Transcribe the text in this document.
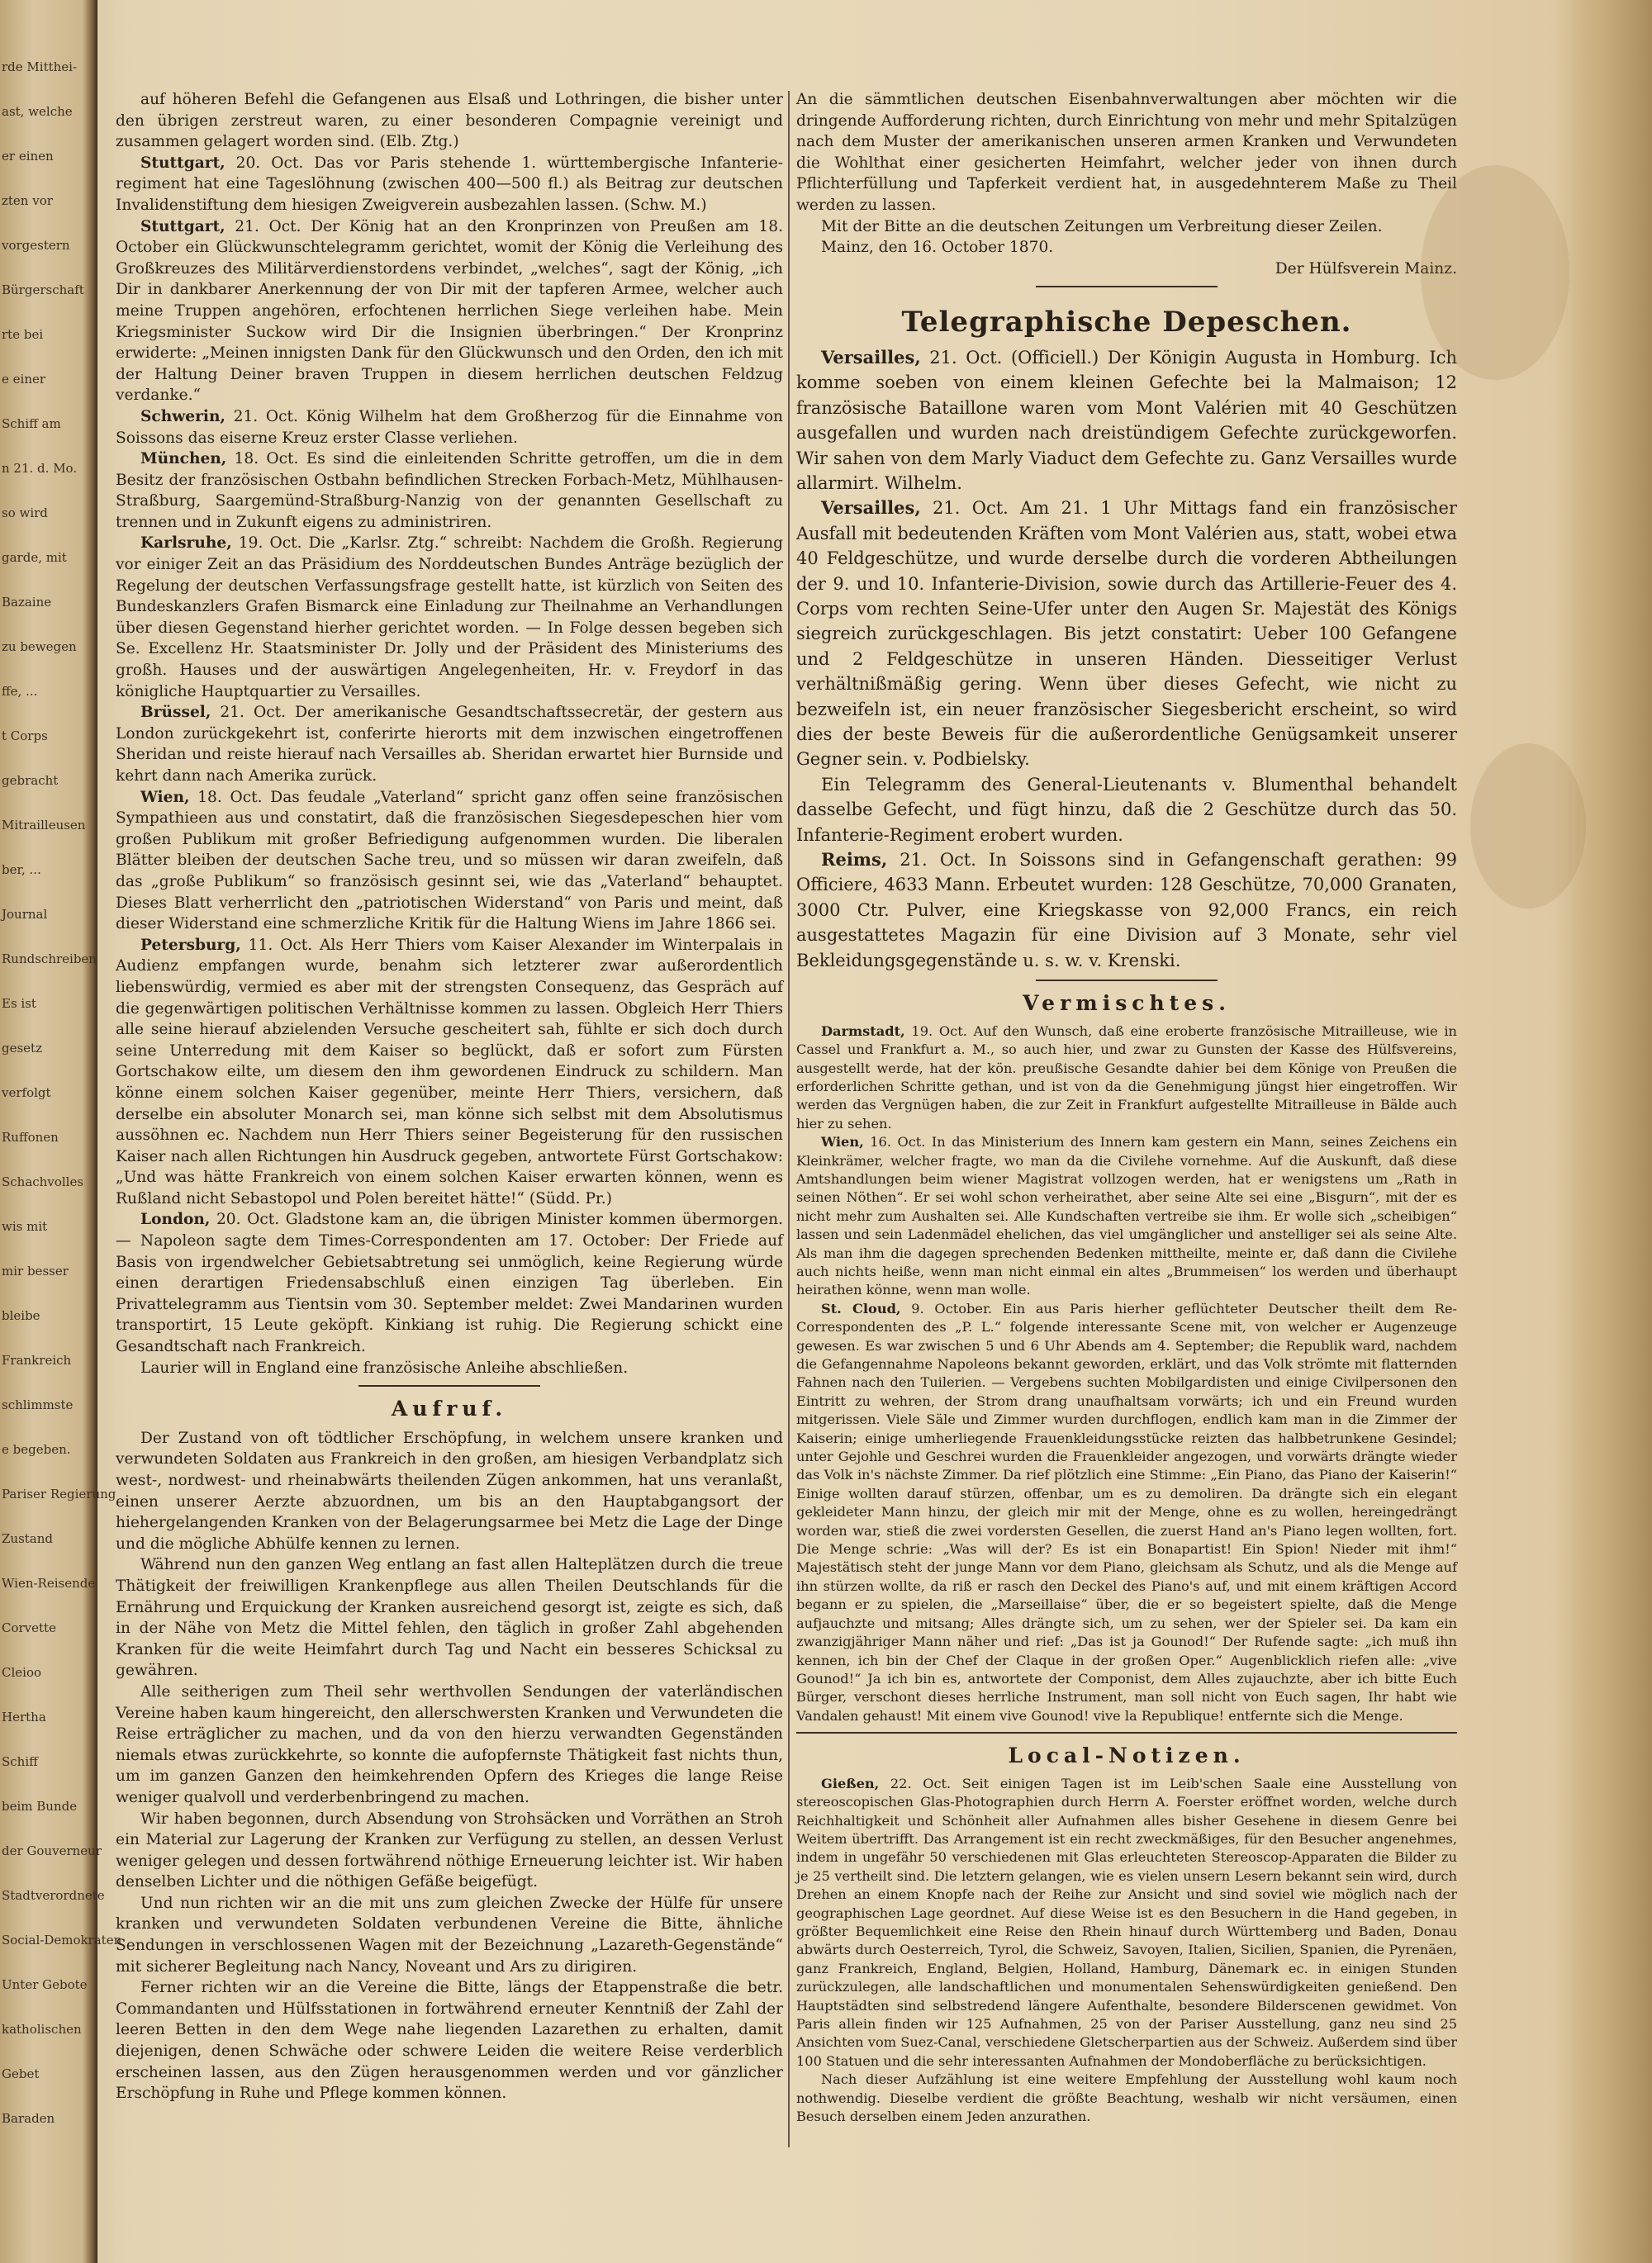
rde Mitthei-
ast, welche
er einen
zten vor
vorgestern
Bürgerschaft
rte bei
e einer
Schiff am
n 21. d. Mo.
so wird
garde, mit
Bazaine
zu bewegen
ffe, ...
t Corps
gebracht
Mitrailleusen
ber, ...
Journal
Rundschreiben
Es ist
gesetz
verfolgt
Ruffonen
Schachvolles
wis mit
mir besser
bleibe
Frankreich
schlimmste
e begeben.
Pariser Regierung
Zustand
Wien-Reisende
Corvette
Cleioo
Hertha
Schiff
beim Bunde
der Gouverneur
Stadtverordnete
Social-Demokraten
Unter Gebote
katholischen
Gebet
Baraden

auf höheren Befehl die Gefangenen aus Elsaß und Lothringen, die bisher unter den übrigen zerstreut waren, zu einer besonderen Compagnie vereinigt und zusammen gelagert worden sind. (Elb. Ztg.)

Stuttgart, 20. Oct. Das vor Paris stehende 1. württembergische Infanterie-regiment hat eine Tageslöhnung (zwischen 400—500 fl.) als Beitrag zur deutschen Invalidenstiftung dem hiesigen Zweigverein ausbezahlen lassen. (Schw. M.)

Stuttgart, 21. Oct. Der König hat an den Kronprinzen von Preußen am 18. October ein Glückwunschtelegramm gerichtet, womit der König die Verleihung des Großkreuzes des Militärverdienstordens verbindet, „welches“, sagt der König, „ich Dir in dankbarer Anerkennung der von Dir mit der tapferen Armee, welcher auch meine Truppen angehören, erfochtenen herrlichen Siege verleihen habe. Mein Kriegsminister Suckow wird Dir die Insignien überbringen.“ Der Kronprinz erwiderte: „Meinen innigsten Dank für den Glückwunsch und den Orden, den ich mit der Haltung Deiner braven Truppen in diesem herrlichen deutschen Feldzug verdanke.“

Schwerin, 21. Oct. König Wilhelm hat dem Großherzog für die Einnahme von Soissons das eiserne Kreuz erster Classe verliehen.

München, 18. Oct. Es sind die einleitenden Schritte getroffen, um die in dem Besitz der französischen Ostbahn befindlichen Strecken Forbach-Metz, Mühlhausen-Straßburg, Saargemünd-Straßburg-Nanzig von der genannten Gesellschaft zu trennen und in Zukunft eigens zu administriren.

Karlsruhe, 19. Oct. Die „Karlsr. Ztg.“ schreibt: Nachdem die Großh. Regierung vor einiger Zeit an das Präsidium des Norddeutschen Bundes Anträge bezüglich der Regelung der deutschen Verfassungsfrage gestellt hatte, ist kürzlich von Seiten des Bundeskanzlers Grafen Bismarck eine Einladung zur Theilnahme an Verhandlungen über diesen Gegenstand hierher gerichtet worden. — In Folge dessen begeben sich Se. Excellenz Hr. Staatsminister Dr. Jolly und der Präsident des Ministeriums des großh. Hauses und der auswärtigen Angelegenheiten, Hr. v. Freydorf in das königliche Hauptquartier zu Versailles.

Brüssel, 21. Oct. Der amerikanische Gesandtschaftssecretär, der gestern aus London zurückgekehrt ist, conferirte hierorts mit dem inzwischen eingetroffenen Sheridan und reiste hierauf nach Versailles ab. Sheridan erwartet hier Burnside und kehrt dann nach Amerika zurück.

Wien, 18. Oct. Das feudale „Vaterland“ spricht ganz offen seine französischen Sympathieen aus und constatirt, daß die französischen Siegesdepeschen hier vom großen Publikum mit großer Befriedigung aufgenommen wurden. Die liberalen Blätter bleiben der deutschen Sache treu, und so müssen wir daran zweifeln, daß das „große Publikum“ so französisch gesinnt sei, wie das „Vaterland“ behauptet. Dieses Blatt verherrlicht den „patriotischen Widerstand“ von Paris und meint, daß dieser Widerstand eine schmerzliche Kritik für die Haltung Wiens im Jahre 1866 sei.

Petersburg, 11. Oct. Als Herr Thiers vom Kaiser Alexander im Winterpalais in Audienz empfangen wurde, benahm sich letzterer zwar außerordentlich liebenswürdig, vermied es aber mit der strengsten Consequenz, das Gespräch auf die gegenwärtigen politischen Verhältnisse kommen zu lassen. Obgleich Herr Thiers alle seine hierauf abzielenden Versuche gescheitert sah, fühlte er sich doch durch seine Unterredung mit dem Kaiser so beglückt, daß er sofort zum Fürsten Gortschakow eilte, um diesem den ihm gewordenen Eindruck zu schildern. Man könne einem solchen Kaiser gegenüber, meinte Herr Thiers, versichern, daß derselbe ein absoluter Monarch sei, man könne sich selbst mit dem Absolutismus aussöhnen ec. Nachdem nun Herr Thiers seiner Begeisterung für den russischen Kaiser nach allen Richtungen hin Ausdruck gegeben, antwortete Fürst Gortschakow: „Und was hätte Frankreich von einem solchen Kaiser erwarten können, wenn es Rußland nicht Sebastopol und Polen bereitet hätte!“ (Südd. Pr.)

London, 20. Oct. Gladstone kam an, die übrigen Minister kommen übermorgen. — Napoleon sagte dem Times-Correspondenten am 17. October: Der Friede auf Basis von irgendwelcher Gebietsabtretung sei unmöglich, keine Regierung würde einen derartigen Friedensabschluß einen einzigen Tag überleben. Ein Privattelegramm aus Tientsin vom 30. September meldet: Zwei Mandarinen wurden transportirt, 15 Leute geköpft. Kinkiang ist ruhig. Die Regierung schickt eine Gesandtschaft nach Frankreich.

Laurier will in England eine französische Anleihe abschließen.

Aufruf.

Der Zustand von oft tödtlicher Erschöpfung, in welchem unsere kranken und verwundeten Soldaten aus Frankreich in den großen, am hiesigen Verbandplatz sich west-, nordwest- und rheinabwärts theilenden Zügen ankommen, hat uns veranlaßt, einen unserer Aerzte abzuordnen, um bis an den Hauptabgangsort der hiehergelangenden Kranken von der Belagerungsarmee bei Metz die Lage der Dinge und die mögliche Abhülfe kennen zu lernen.

Während nun den ganzen Weg entlang an fast allen Halteplätzen durch die treue Thätigkeit der freiwilligen Krankenpflege aus allen Theilen Deutschlands für die Ernährung und Erquickung der Kranken ausreichend gesorgt ist, zeigte es sich, daß in der Nähe von Metz die Mittel fehlen, den täglich in großer Zahl abgehenden Kranken für die weite Heimfahrt durch Tag und Nacht ein besseres Schicksal zu gewähren.

Alle seitherigen zum Theil sehr werthvollen Sendungen der vaterländischen Vereine haben kaum hingereicht, den allerschwersten Kranken und Verwundeten die Reise erträglicher zu machen, und da von den hierzu verwandten Gegenständen niemals etwas zurückkehrte, so konnte die aufopfernste Thätigkeit fast nichts thun, um im ganzen Ganzen den heimkehrenden Opfern des Krieges die lange Reise weniger qualvoll und verderbenbringend zu machen.

Wir haben begonnen, durch Absendung von Strohsäcken und Vorräthen an Stroh ein Material zur Lagerung der Kranken zur Verfügung zu stellen, an dessen Verlust weniger gelegen und dessen fortwährend nöthige Erneuerung leichter ist. Wir haben denselben Lichter und die nöthigen Gefäße beigefügt.

Und nun richten wir an die mit uns zum gleichen Zwecke der Hülfe für unsere kranken und verwundeten Soldaten verbundenen Vereine die Bitte, ähnliche Sendungen in verschlossenen Wagen mit der Bezeichnung „Lazareth-Gegenstände“ mit sicherer Begleitung nach Nancy, Noveant und Ars zu dirigiren.

Ferner richten wir an die Vereine die Bitte, längs der Etappenstraße die betr. Commandanten und Hülfsstationen in fortwährend erneuter Kenntniß der Zahl der leeren Betten in den dem Wege nahe liegenden Lazarethen zu erhalten, damit diejenigen, denen Schwäche oder schwere Leiden die weitere Reise verderblich erscheinen lassen, aus den Zügen herausgenommen werden und vor gänzlicher Erschöpfung in Ruhe und Pflege kommen können.

An die sämmtlichen deutschen Eisenbahnverwaltungen aber möchten wir die dringende Aufforderung richten, durch Einrichtung von mehr und mehr Spitalzügen nach dem Muster der amerikanischen unseren armen Kranken und Verwundeten die Wohlthat einer gesicherten Heimfahrt, welcher jeder von ihnen durch Pflichterfüllung und Tapferkeit verdient hat, in ausgedehnterem Maße zu Theil werden zu lassen.

Mit der Bitte an die deutschen Zeitungen um Verbreitung dieser Zeilen.

Mainz, den 16. October 1870.

Der Hülfsverein Mainz.

Telegraphische Depeschen.

Versailles, 21. Oct. (Officiell.) Der Königin Augusta in Homburg. Ich komme soeben von einem kleinen Gefechte bei la Malmaison; 12 französische Bataillone waren vom Mont Valérien mit 40 Geschützen ausgefallen und wurden nach dreistündigem Gefechte zurückgeworfen. Wir sahen von dem Marly Viaduct dem Gefechte zu. Ganz Versailles wurde allarmirt. Wilhelm.

Versailles, 21. Oct. Am 21. 1 Uhr Mittags fand ein französischer Ausfall mit bedeutenden Kräften vom Mont Valérien aus, statt, wobei etwa 40 Feldgeschütze, und wurde derselbe durch die vorderen Abtheilungen der 9. und 10. Infanterie-Division, sowie durch das Artillerie-Feuer des 4. Corps vom rechten Seine-Ufer unter den Augen Sr. Majestät des Königs siegreich zurückgeschlagen. Bis jetzt constatirt: Ueber 100 Gefangene und 2 Feldgeschütze in unseren Händen. Diesseitiger Verlust verhältnißmäßig gering. Wenn über dieses Gefecht, wie nicht zu bezweifeln ist, ein neuer französischer Siegesbericht erscheint, so wird dies der beste Beweis für die außerordentliche Genügsamkeit unserer Gegner sein. v. Podbielsky.

Ein Telegramm des General-Lieutenants v. Blumenthal behandelt dasselbe Gefecht, und fügt hinzu, daß die 2 Geschütze durch das 50. Infanterie-Regiment erobert wurden.

Reims, 21. Oct. In Soissons sind in Gefangenschaft gerathen: 99 Officiere, 4633 Mann. Erbeutet wurden: 128 Geschütze, 70,000 Granaten, 3000 Ctr. Pulver, eine Kriegskasse von 92,000 Francs, ein reich ausgestattetes Magazin für eine Division auf 3 Monate, sehr viel Bekleidungsgegenstände u. s. w. v. Krenski.

Vermischtes.

Darmstadt, 19. Oct. Auf den Wunsch, daß eine eroberte französische Mitrailleuse, wie in Cassel und Frankfurt a. M., so auch hier, und zwar zu Gunsten der Kasse des Hülfsvereins, ausgestellt werde, hat der kön. preußische Gesandte dahier bei dem Könige von Preußen die erforderlichen Schritte gethan, und ist von da die Genehmigung jüngst hier eingetroffen. Wir werden das Vergnügen haben, die zur Zeit in Frankfurt aufgestellte Mitrailleuse in Bälde auch hier zu sehen.

Wien, 16. Oct. In das Ministerium des Innern kam gestern ein Mann, seines Zeichens ein Kleinkrämer, welcher fragte, wo man da die Civilehe vornehme. Auf die Auskunft, daß diese Amtshandlungen beim wiener Magistrat vollzogen werden, hat er wenigstens um „Rath in seinen Nöthen“. Er sei wohl schon verheirathet, aber seine Alte sei eine „Bisgurn“, mit der es nicht mehr zum Aushalten sei. Alle Kundschaften vertreibe sie ihm. Er wolle sich „scheibigen“ lassen und sein Ladenmädel ehelichen, das viel umgänglicher und anstelliger sei als seine Alte. Als man ihm die dagegen sprechenden Bedenken mittheilte, meinte er, daß dann die Civilehe auch nichts heiße, wenn man nicht einmal ein altes „Brummeisen“ los werden und überhaupt heirathen könne, wenn man wolle.

St. Cloud, 9. October. Ein aus Paris hierher geflüchteter Deutscher theilt dem Re-Correspondenten des „P. L.“ folgende interessante Scene mit, von welcher er Augenzeuge gewesen. Es war zwischen 5 und 6 Uhr Abends am 4. September; die Republik ward, nachdem die Gefangennahme Napoleons bekannt geworden, erklärt, und das Volk strömte mit flatternden Fahnen nach den Tuilerien. — Vergebens suchten Mobilgardisten und einige Civilpersonen den Eintritt zu wehren, der Strom drang unaufhaltsam vorwärts; ich und ein Freund wurden mitgerissen. Viele Säle und Zimmer wurden durchflogen, endlich kam man in die Zimmer der Kaiserin; einige umherliegende Frauenkleidungsstücke reizten das halbbetrunkene Gesindel; unter Gejohle und Geschrei wurden die Frauenkleider angezogen, und vorwärts drängte wieder das Volk in's nächste Zimmer. Da rief plötzlich eine Stimme: „Ein Piano, das Piano der Kaiserin!“ Einige wollten darauf stürzen, offenbar, um es zu demoliren. Da drängte sich ein elegant gekleideter Mann hinzu, der gleich mir mit der Menge, ohne es zu wollen, hereingedrängt worden war, stieß die zwei vordersten Gesellen, die zuerst Hand an's Piano legen wollten, fort. Die Menge schrie: „Was will der? Es ist ein Bonapartist! Ein Spion! Nieder mit ihm!“ Majestätisch steht der junge Mann vor dem Piano, gleichsam als Schutz, und als die Menge auf ihn stürzen wollte, da riß er rasch den Deckel des Piano's auf, und mit einem kräftigen Accord begann er zu spielen, die „Marseillaise“ über, die er so begeistert spielte, daß die Menge aufjauchzte und mitsang; Alles drängte sich, um zu sehen, wer der Spieler sei. Da kam ein zwanzigjähriger Mann näher und rief: „Das ist ja Gounod!“ Der Rufende sagte: „ich muß ihn kennen, ich bin der Chef der Claque in der großen Oper.“ Augenblicklich riefen alle: „vive Gounod!“ Ja ich bin es, antwortete der Componist, dem Alles zujauchzte, aber ich bitte Euch Bürger, verschont dieses herrliche Instrument, man soll nicht von Euch sagen, Ihr habt wie Vandalen gehaust! Mit einem vive Gounod! vive la Republique! entfernte sich die Menge.

Local-Notizen.

Gießen, 22. Oct. Seit einigen Tagen ist im Leib'schen Saale eine Ausstellung von stereoscopischen Glas-Photographien durch Herrn A. Foerster eröffnet worden, welche durch Reichhaltigkeit und Schönheit aller Aufnahmen alles bisher Gesehene in diesem Genre bei Weitem übertrifft. Das Arrangement ist ein recht zweckmäßiges, für den Besucher angenehmes, indem in ungefähr 50 verschiedenen mit Glas erleuchteten Stereoscop-Apparaten die Bilder zu je 25 vertheilt sind. Die letztern gelangen, wie es vielen unsern Lesern bekannt sein wird, durch Drehen an einem Knopfe nach der Reihe zur Ansicht und sind soviel wie möglich nach der geographischen Lage geordnet. Auf diese Weise ist es den Besuchern in die Hand gegeben, in größter Bequemlichkeit eine Reise den Rhein hinauf durch Württemberg und Baden, Donau abwärts durch Oesterreich, Tyrol, die Schweiz, Savoyen, Italien, Sicilien, Spanien, die Pyrenäen, ganz Frankreich, England, Belgien, Holland, Hamburg, Dänemark ec. in einigen Stunden zurückzulegen, alle landschaftlichen und monumentalen Sehenswürdigkeiten genießend. Den Hauptstädten sind selbstredend längere Aufenthalte, besondere Bilderscenen gewidmet. Von Paris allein finden wir 125 Aufnahmen, 25 von der Pariser Ausstellung, ganz neu sind 25 Ansichten vom Suez-Canal, verschiedene Gletscherpartien aus der Schweiz. Außerdem sind über 100 Statuen und die sehr interessanten Aufnahmen der Mondoberfläche zu berücksichtigen.

Nach dieser Aufzählung ist eine weitere Empfehlung der Ausstellung wohl kaum noch nothwendig. Dieselbe verdient die größte Beachtung, weshalb wir nicht versäumen, einen Besuch derselben einem Jeden anzurathen.
